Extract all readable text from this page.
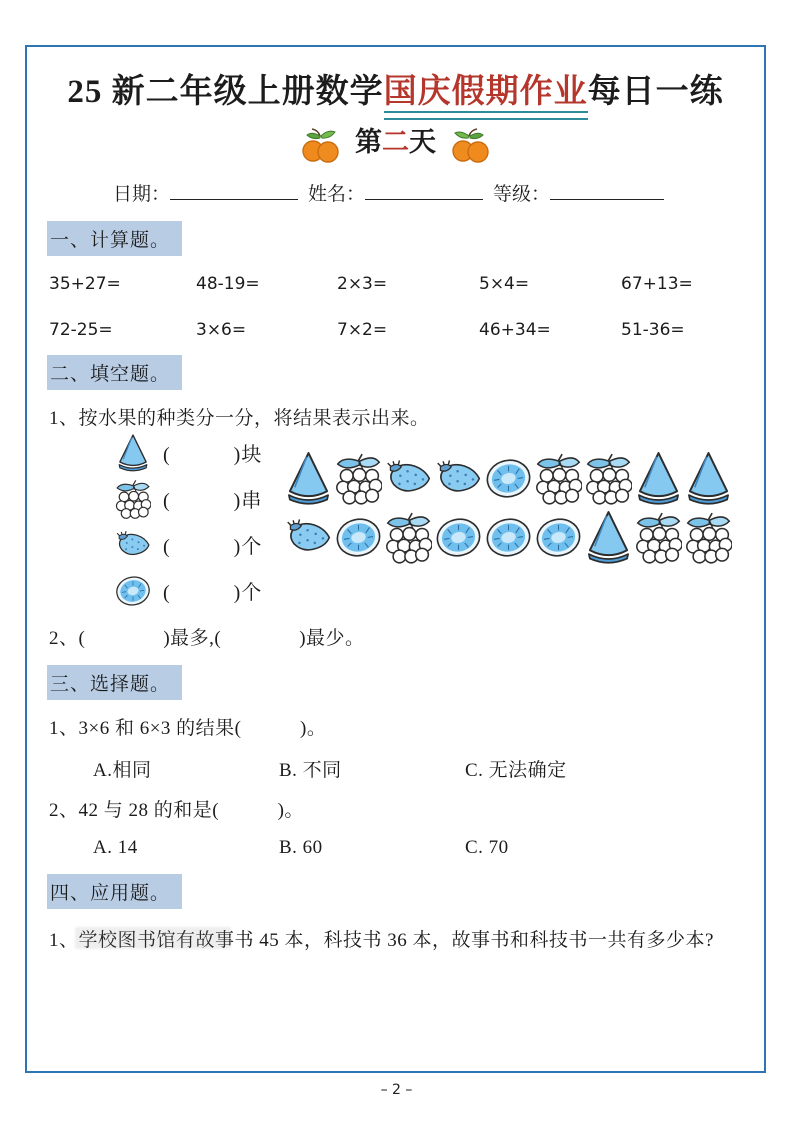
25 新二年级上册数学国庆假期作业
每日一练
第二天
日期：	姓名：	等级：
一、计算题。
35+27=	48-19=	2×3=	5×4=	67+13=
72-25=	3×6=	7×2=	46+34=	51-36=
二、填空题。

1、按水果的种类分一分，将结果表示出来。

(　　　)块
(　　　)串
(　　　)个
(　　　)个

2、(　　　　)最多,(　　　　)最少。

三、选择题。

1、3×6 和 6×3 的结果(　　　)。

A.相同	B. 不同	C. 无法确定

2、42 与 28 的和是(　　　)。

A. 14	B. 60	C. 70
四、应用题。

1、学校图书馆有故事书 45 本，科技书 36 本，故事书和科技书一共有多少本?

– 2 –
